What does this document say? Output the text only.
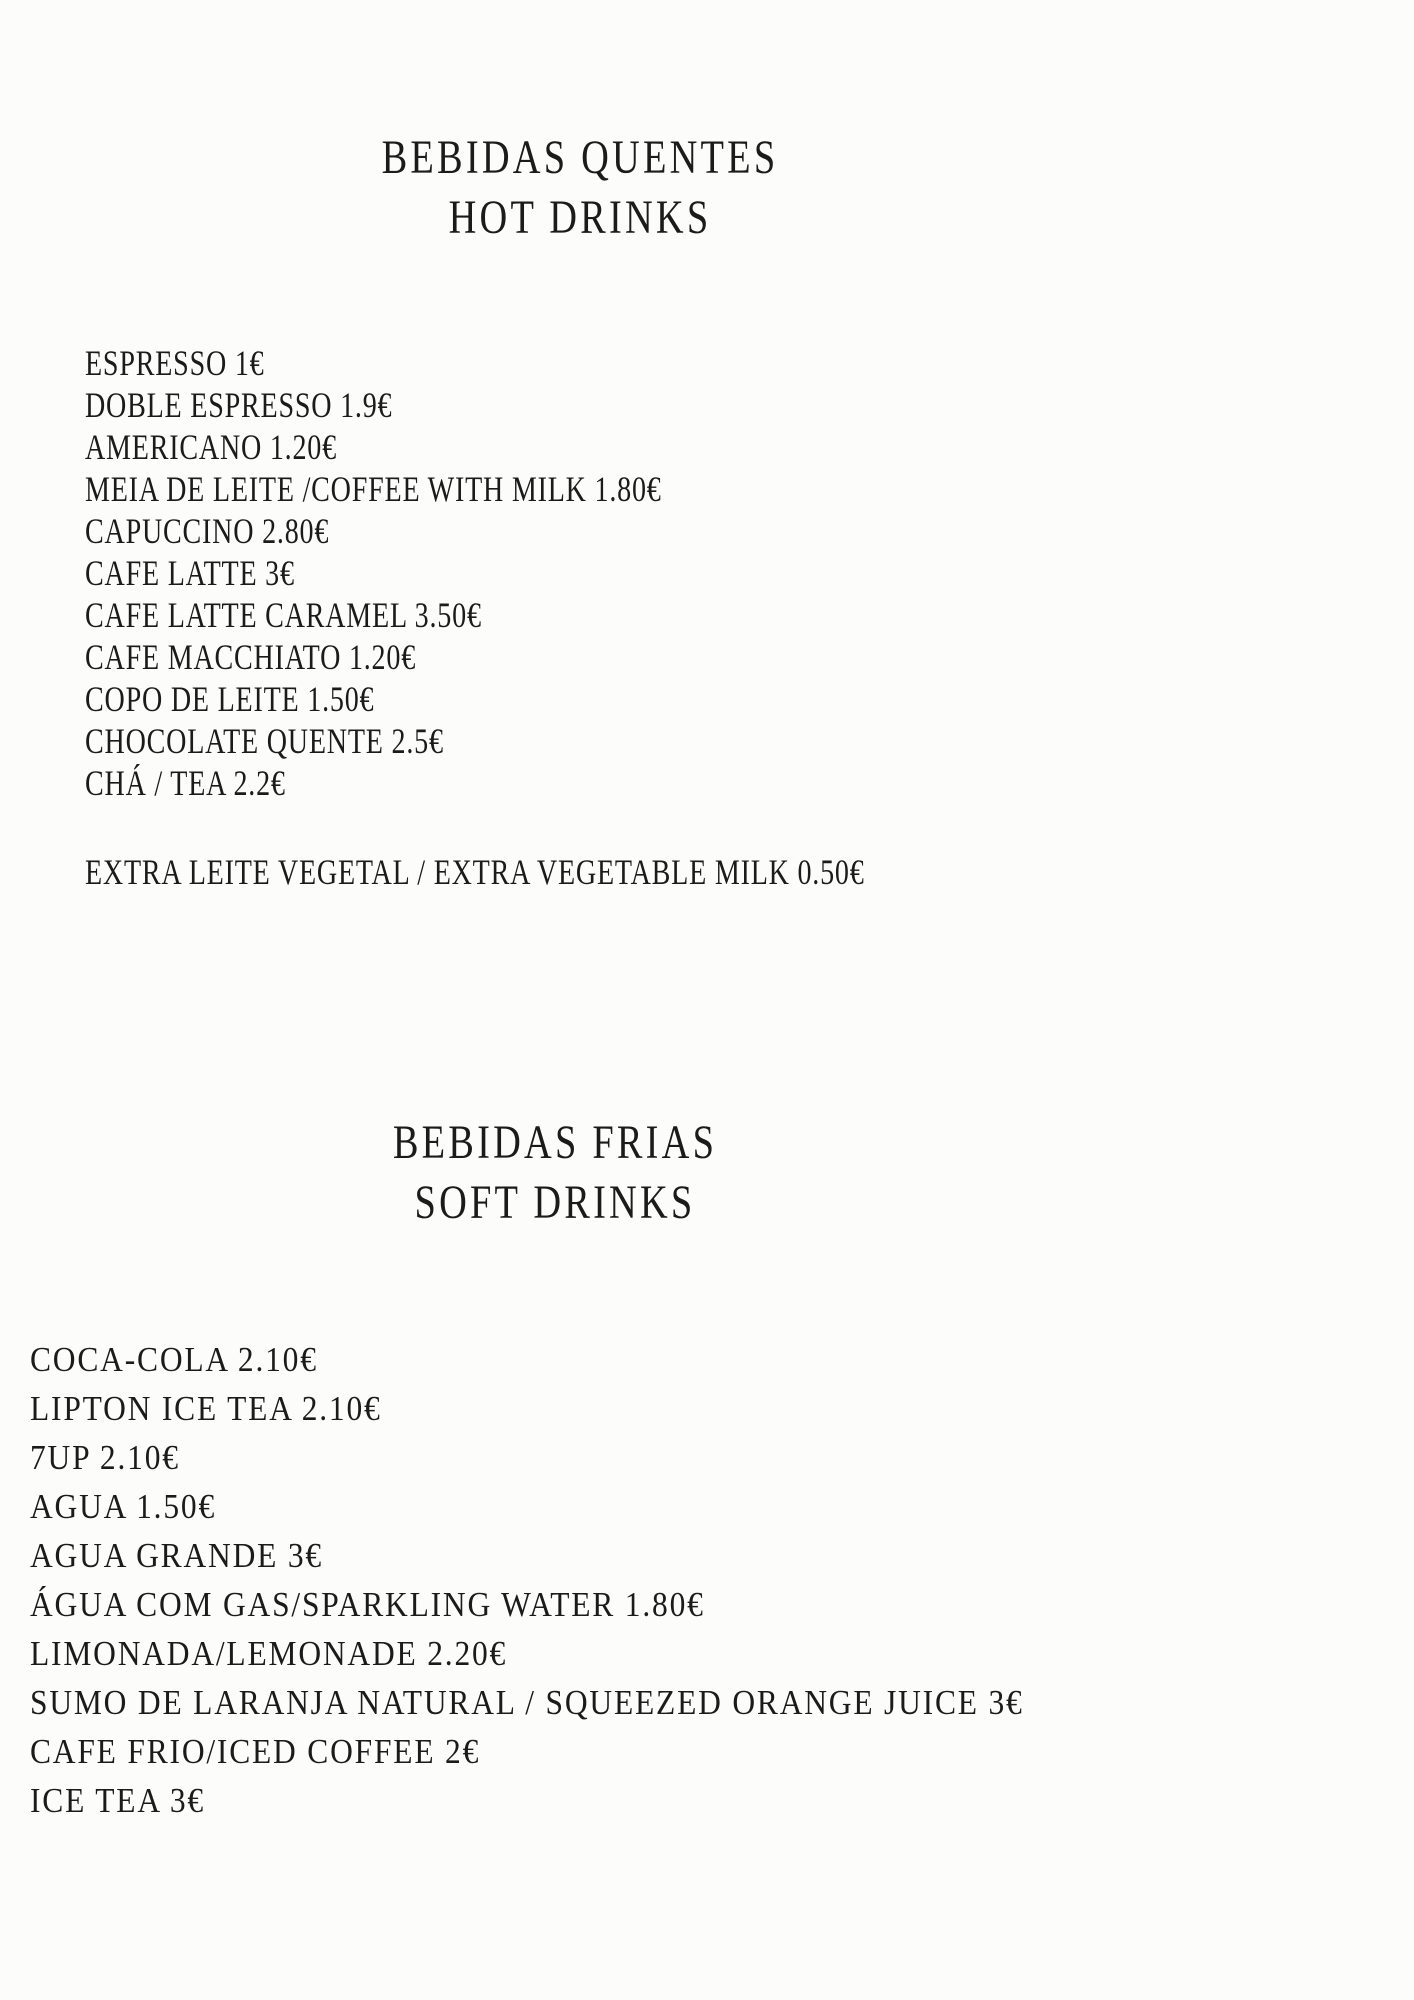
BEBIDAS QUENTES
HOT DRINKS
ESPRESSO 1€
DOBLE ESPRESSO 1.9€
AMERICANO 1.20€
MEIA DE LEITE /COFFEE WITH MILK 1.80€
CAPUCCINO 2.80€
CAFE LATTE 3€
CAFE LATTE CARAMEL 3.50€
CAFE MACCHIATO 1.20€
COPO DE LEITE 1.50€
CHOCOLATE QUENTE 2.5€
CHÁ / TEA 2.2€
EXTRA LEITE VEGETAL / EXTRA VEGETABLE MILK 0.50€
BEBIDAS FRIAS
SOFT DRINKS
COCA-COLA 2.10€
LIPTON ICE TEA 2.10€
7UP 2.10€
AGUA 1.50€
AGUA GRANDE 3€
ÁGUA COM GAS/SPARKLING WATER 1.80€
LIMONADA/LEMONADE 2.20€
SUMO DE LARANJA NATURAL / SQUEEZED ORANGE JUICE 3€
CAFE FRIO/ICED COFFEE 2€
ICE TEA 3€
